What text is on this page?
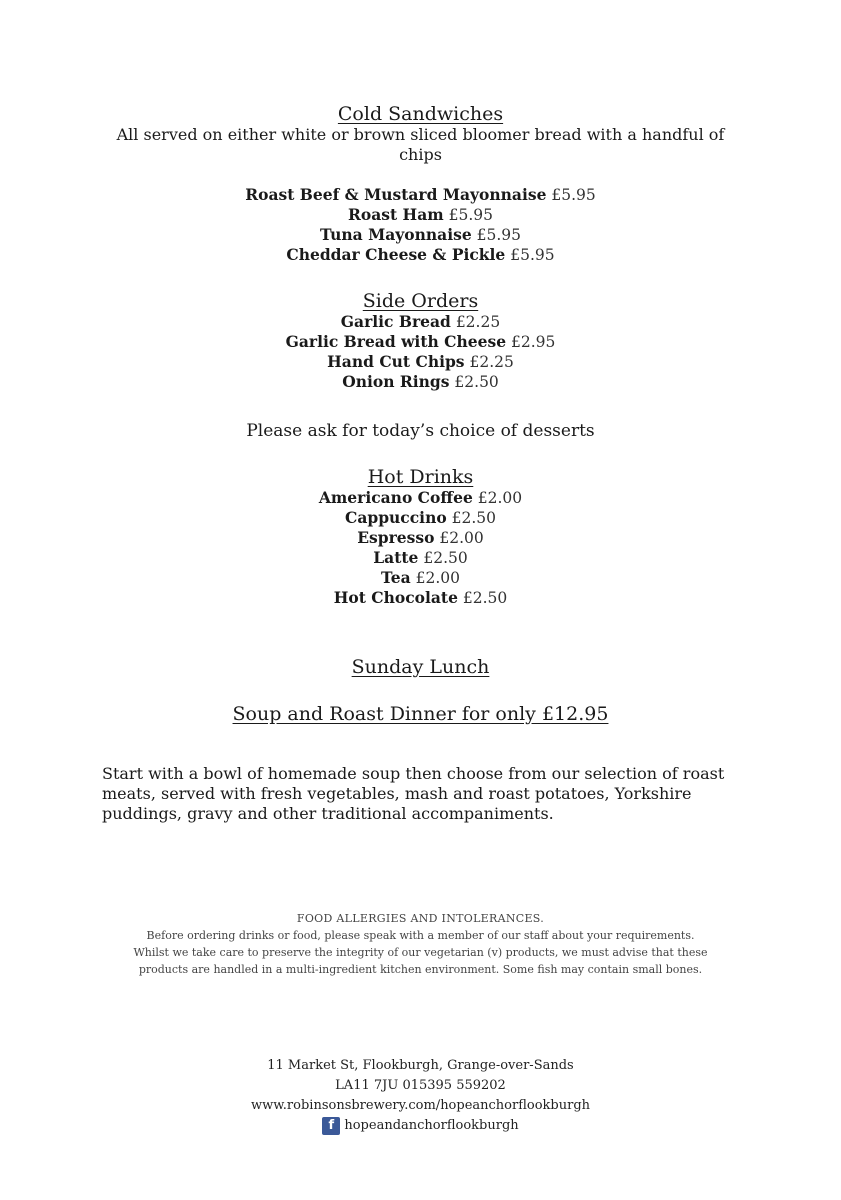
Cold Sandwiches

All served on either white or brown sliced bloomer bread with a handful of chips

Roast Beef & Mustard Mayonnaise £5.95
Roast Ham £5.95
Tuna Mayonnaise £5.95
Cheddar Cheese & Pickle £5.95
Side Orders
Garlic Bread £2.25
Garlic Bread with Cheese £2.95
Hand Cut Chips £2.25
Onion Rings £2.50
Please ask for today’s choice of desserts
Hot Drinks
Americano Coffee £2.00
Cappuccino £2.50
Espresso £2.00
Latte £2.50
Tea £2.00
Hot Chocolate £2.50
Sunday Lunch
Soup and Roast Dinner for only £12.95

Start with a bowl of homemade soup then choose from our selection of roast meats, served with fresh vegetables, mash and roast potatoes, Yorkshire puddings, gravy and other traditional accompaniments.

FOOD ALLERGIES AND INTOLERANCES.
Before ordering drinks or food, please speak with a member of our staff about your requirements.
Whilst we take care to preserve the integrity of our vegetarian (v) products, we must advise that these
products are handled in a multi-ingredient kitchen environment. Some fish may contain small bones.
11 Market St, Flookburgh, Grange-over-Sands
LA11 7JU 015395 559202
www.robinsonsbrewery.com/hopeanchorflookburgh
f hopeandanchorflookburgh
